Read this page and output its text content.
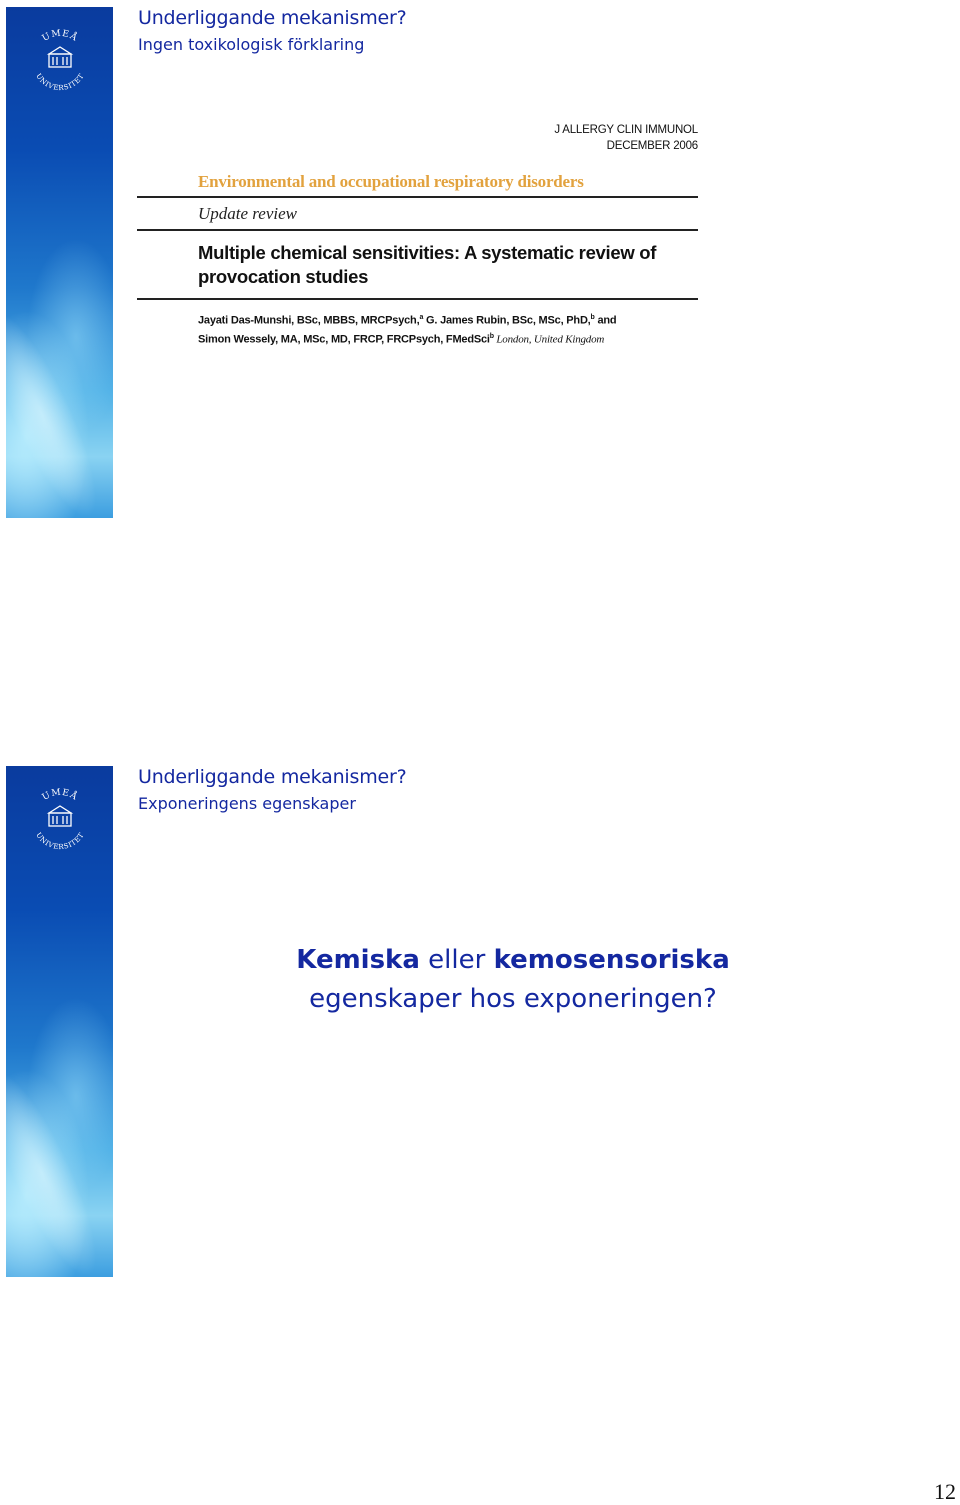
UMEÅ
UNIVERSITET
Underliggande mekanismer?
Ingen toxikologisk förklaring
J ALLERGY CLIN IMMUNOL
DECEMBER 2006
Environmental and occupational respiratory disorders
Update review
Multiple chemical sensitivities: A systematic review of provocation studies
Jayati Das-Munshi, BSc, MBBS, MRCPsych,$^a$ G. James Rubin, BSc, MSc, PhD,$^b$ and
Simon Wessely, MA, MSc, MD, FRCP, FRCPsych, FMedSci$^b$ London, United Kingdom
UMEÅ
UNIVERSITET
Underliggande mekanismer?
Exponeringens egenskaper

Kemiska eller kemosensoriska
egenskaper hos exponeringen?

12
